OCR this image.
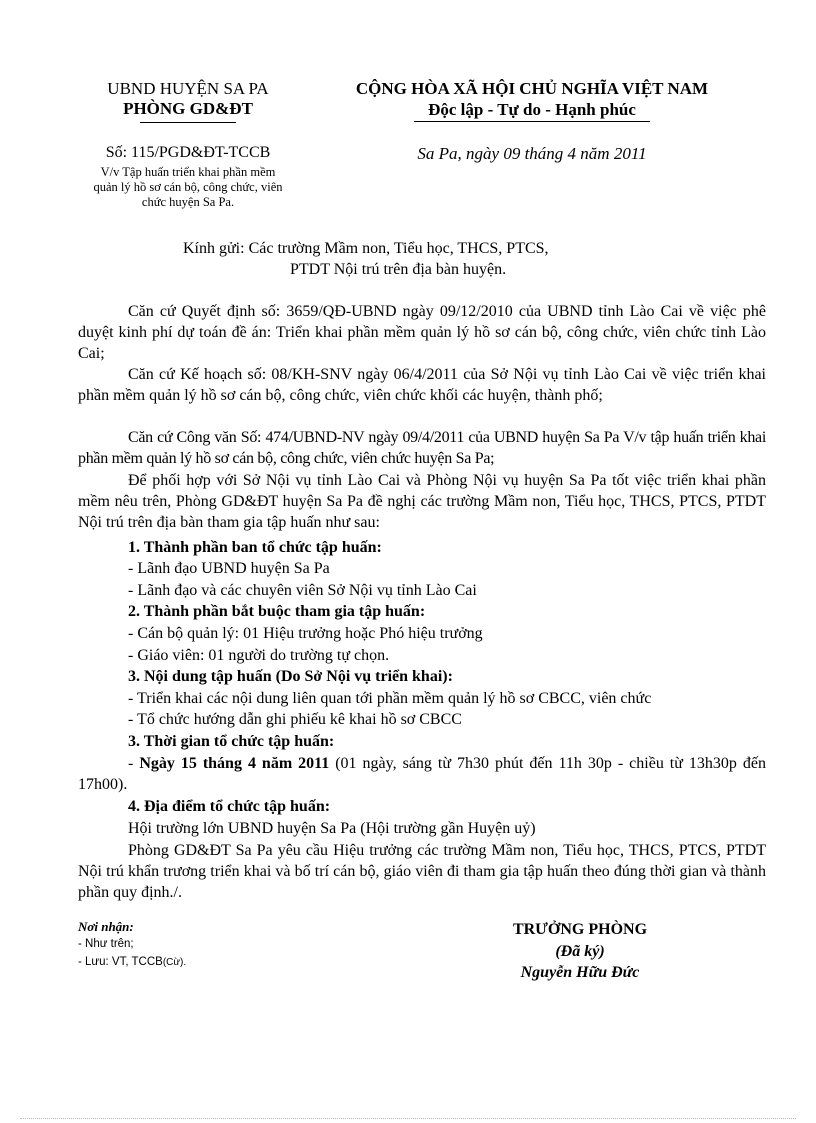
UBND HUYỆN SA PA
PHÒNG GD&ĐT
Số: 115/PGD&ĐT-TCCB
V/v Tập huấn triển khai phần mềm quản lý hồ sơ cán bộ, công chức, viên chức huyện Sa Pa.
CỘNG HÒA XÃ HỘI CHỦ NGHĨA VIỆT NAM
Độc lập - Tự do - Hạnh phúc
Sa Pa, ngày 09 tháng 4 năm 2011
Kính gửi: Các trường Mầm non, Tiểu học, THCS, PTCS,
PTDT Nội trú trên địa bàn huyện.
Căn cứ Quyết định số: 3659/QĐ-UBND ngày 09/12/2010 của UBND tỉnh Lào Cai về việc phê duyệt kinh phí dự toán đề án: Triển khai phần mềm quản lý hồ sơ cán bộ, công chức, viên chức tỉnh Lào Cai;
Căn cứ Kế hoạch số: 08/KH-SNV ngày 06/4/2011 của Sở Nội vụ tỉnh Lào Cai về việc triển khai phần mềm quản lý hồ sơ cán bộ, công chức, viên chức khối các huyện, thành phố;
Căn cứ Công văn Số: 474/UBND-NV ngày 09/4/2011 của UBND huyện Sa Pa V/v tập huấn triển khai phần mềm quản lý hồ sơ cán bộ, công chức, viên chức huyện Sa Pa;
Để phối hợp với Sở Nội vụ tỉnh Lào Cai và Phòng Nội vụ huyện Sa Pa tốt việc triển khai phần mềm nêu trên, Phòng GD&ĐT huyện Sa Pa đề nghị các trường Mầm non, Tiểu học, THCS, PTCS, PTDT Nội trú trên địa bàn tham gia tập huấn như sau:
1. Thành phần ban tổ chức tập huấn:
- Lãnh đạo UBND huyện Sa Pa
- Lãnh đạo và các chuyên viên Sở Nội vụ tỉnh Lào Cai
2. Thành phần bắt buộc tham gia tập huấn:
- Cán bộ quản lý: 01 Hiệu trưởng hoặc Phó hiệu trưởng
- Giáo viên: 01 người do trường tự chọn.
3. Nội dung tập huấn (Do Sở Nội vụ triển khai):
- Triển khai các nội dung liên quan tới phần mềm quản lý hồ sơ CBCC, viên chức
- Tổ chức hướng dẫn ghi phiếu kê khai hồ sơ CBCC
3. Thời gian tổ chức tập huấn:
- Ngày 15 tháng 4 năm 2011 (01 ngày, sáng từ 7h30 phút đến 11h 30p - chiều từ 13h30p đến 17h00).
4. Địa điểm tổ chức tập huấn:
Hội trường lớn UBND huyện Sa Pa (Hội trường gần Huyện uỷ)
Phòng GD&ĐT Sa Pa yêu cầu Hiệu trưởng các trường Mầm non, Tiểu học, THCS, PTCS, PTDT Nội trú khẩn trương triển khai và bố trí cán bộ, giáo viên đi tham gia tập huấn theo đúng thời gian và thành phần quy định./.
Nơi nhận:
- Như trên;
- Lưu: VT, TCCB(Cừ).
TRƯỞNG PHÒNG
(Đã ký)
Nguyễn Hữu Đức
